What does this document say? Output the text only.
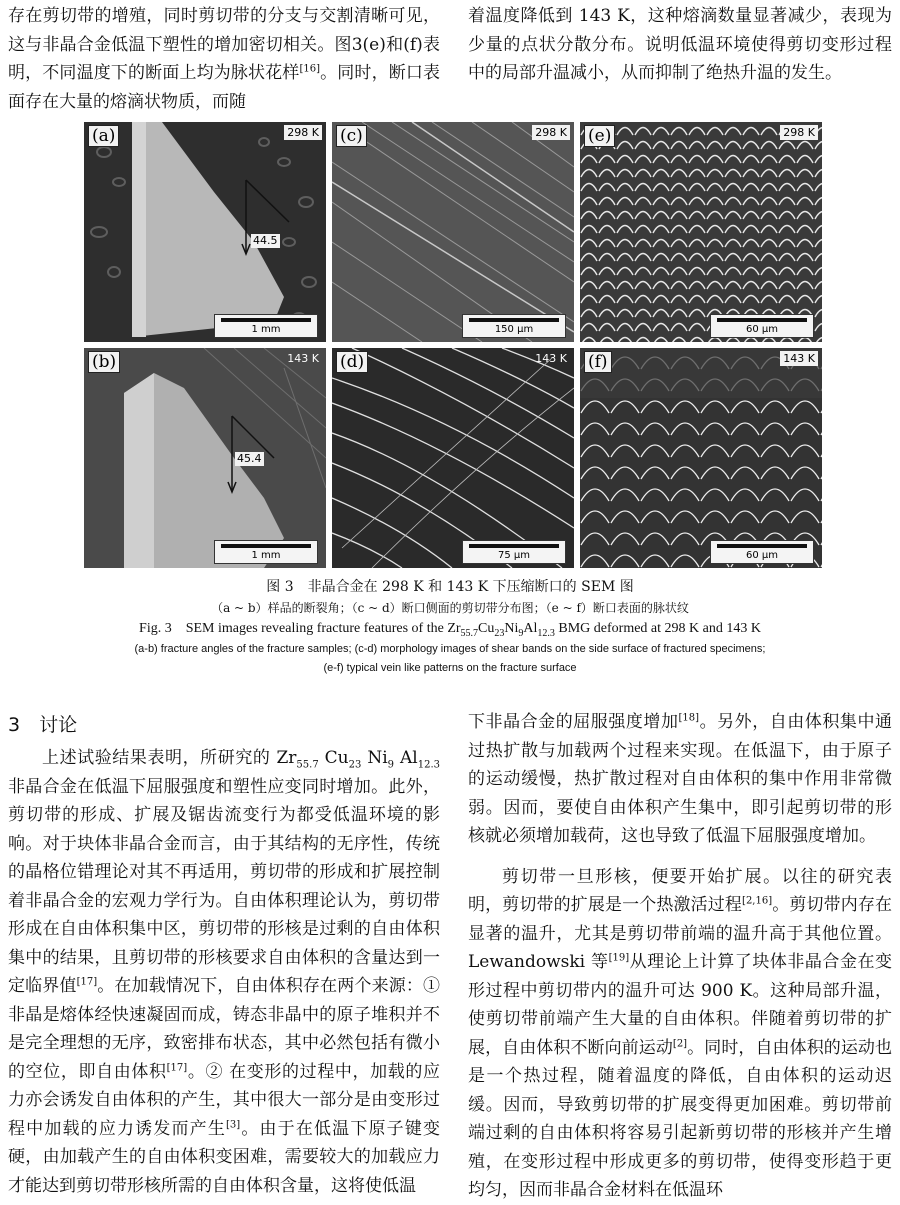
存在剪切带的增殖，同时剪切带的分支与交割清晰可见，这与非晶合金低温下塑性的增加密切相关。图3(e)和(f)表明，不同温度下的断面上均为脉状花样[16]。同时，断口表面存在大量的熔滴状物质，而随

着温度降低到 143 K，这种熔滴数量显著减少，表现为少量的点状分散分布。说明低温环境使得剪切变形过程中的局部升温减小，从而抑制了绝热升温的发生。

(a)	298 K
44.5
1 mm
(c)	298 K
150 μm
(e)	298 K
60 μm
(b)	143 K
45.4
1 mm
(d)	143 K
75 μm
(f)	143 K
60 μm
图 3　非晶合金在 298 K 和 143 K 下压缩断口的 SEM 图
（a ~ b）样品的断裂角；（c ~ d）断口侧面的剪切带分布图；（e ~ f）断口表面的脉状纹
Fig. 3　SEM images revealing fracture features of the $Zr_{55.7}Cu_{23}Ni_9Al_{12.3}$ BMG deformed at 298 K and 143 K
(a-b) fracture angles of the fracture samples; (c-d) morphology images of shear bands on the side surface of fractured specimens;
(e-f) typical vein like patterns on the fracture surface
3　讨论

上述试验结果表明，所研究的 $Zr_{55.7}$ $Cu_{23}$ $Ni_9$ $Al_{12.3}$ 非晶合金在低温下屈服强度和塑性应变同时增加。此外，剪切带的形成、扩展及锯齿流变行为都受低温环境的影响。对于块体非晶合金而言，由于其结构的无序性，传统的晶格位错理论对其不再适用，剪切带的形成和扩展控制着非晶合金的宏观力学行为。自由体积理论认为，剪切带形成在自由体积集中区，剪切带的形核是过剩的自由体积集中的结果，且剪切带的形核要求自由体积的含量达到一定临界值[17]。在加载情况下，自由体积存在两个来源：① 非晶是熔体经快速凝固而成，铸态非晶中的原子堆积并不是完全理想的无序，致密排布状态，其中必然包括有微小的空位，即自由体积[17]。② 在变形的过程中，加载的应力亦会诱发自由体积的产生，其中很大一部分是由变形过程中加载的应力诱发而产生[3]。由于在低温下原子键变硬，由加载产生的自由体积变困难，需要较大的加载应力才能达到剪切带形核所需的自由体积含量，这将使低温

下非晶合金的屈服强度增加[18]。另外，自由体积集中通过热扩散与加载两个过程来实现。在低温下，由于原子的运动缓慢，热扩散过程对自由体积的集中作用非常微弱。因而，要使自由体积产生集中，即引起剪切带的形核就必须增加载荷，这也导致了低温下屈服强度增加。

剪切带一旦形核，便要开始扩展。以往的研究表明，剪切带的扩展是一个热激活过程[2,16]。剪切带内存在显著的温升，尤其是剪切带前端的温升高于其他位置。Lewandowski 等[19]从理论上计算了块体非晶合金在变形过程中剪切带内的温升可达 900 K。这种局部升温，使剪切带前端产生大量的自由体积。伴随着剪切带的扩展，自由体积不断向前运动[2]。同时，自由体积的运动也是一个热过程，随着温度的降低，自由体积的运动迟缓。因而，导致剪切带的扩展变得更加困难。剪切带前端过剩的自由体积将容易引起新剪切带的形核并产生增殖，在变形过程中形成更多的剪切带，使得变形趋于更均匀，因而非晶合金材料在低温环
